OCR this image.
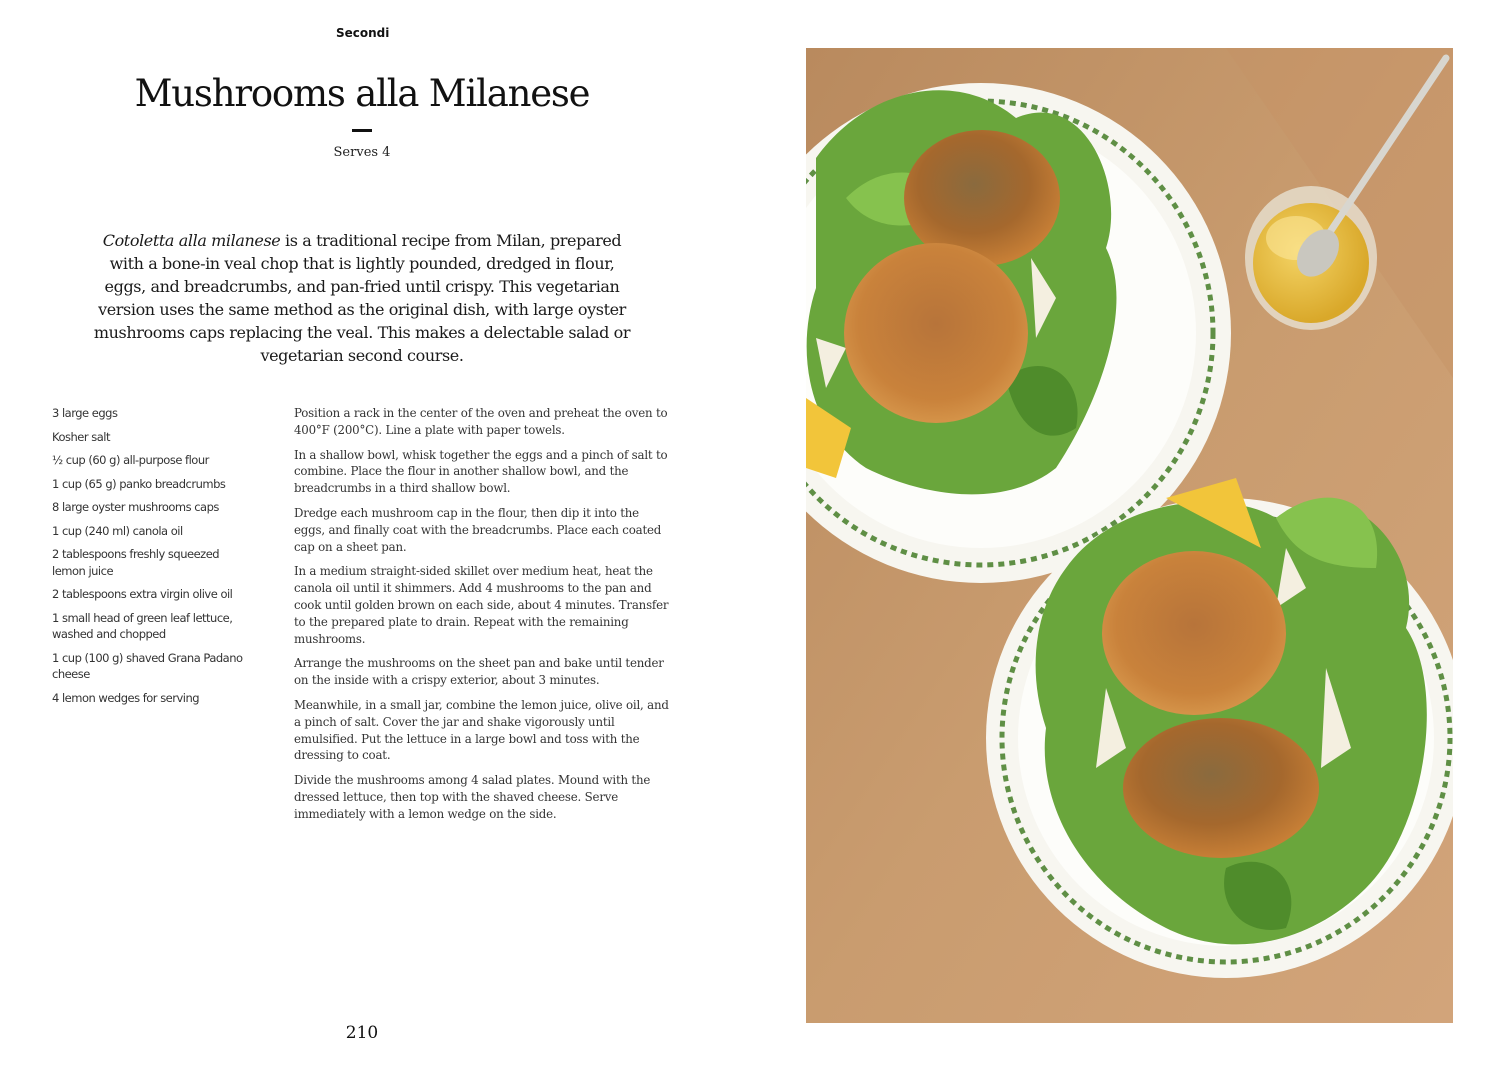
Secondi
Mushrooms alla Milanese
Serves 4

Cotoletta alla milanese is a traditional recipe from Milan, prepared with a bone-in veal chop that is lightly pounded, dredged in flour, eggs, and breadcrumbs, and pan-fried until crispy. This vegetarian version uses the same method as the original dish, with large oyster mushrooms caps replacing the veal. This makes a delectable salad or vegetarian second course.

3 large eggs
Kosher salt
½ cup (60 g) all-purpose flour
1 cup (65 g) panko breadcrumbs
8 large oyster mushrooms caps
1 cup (240 ml) canola oil
2 tablespoons freshly squeezed lemon juice
2 tablespoons extra virgin olive oil
1 small head of green leaf lettuce, washed and chopped
1 cup (100 g) shaved Grana Padano cheese
4 lemon wedges for serving

Position a rack in the center of the oven and preheat the oven to 400°F (200°C). Line a plate with paper towels.

In a shallow bowl, whisk together the eggs and a pinch of salt to combine. Place the flour in another shallow bowl, and the breadcrumbs in a third shallow bowl.

Dredge each mushroom cap in the flour, then dip it into the eggs, and finally coat with the breadcrumbs. Place each coated cap on a sheet pan.

In a medium straight-sided skillet over medium heat, heat the canola oil until it shimmers. Add 4 mushrooms to the pan and cook until golden brown on each side, about 4 minutes. Transfer to the prepared plate to drain. Repeat with the remaining mushrooms.

Arrange the mushrooms on the sheet pan and bake until tender on the inside with a crispy exterior, about 3 minutes.

Meanwhile, in a small jar, combine the lemon juice, olive oil, and a pinch of salt. Cover the jar and shake vigorously until emulsified. Put the lettuce in a large bowl and toss with the dressing to coat.

Divide the mushrooms among 4 salad plates. Mound with the dressed lettuce, then top with the shaved cheese. Serve immediately with a lemon wedge on the side.

210
